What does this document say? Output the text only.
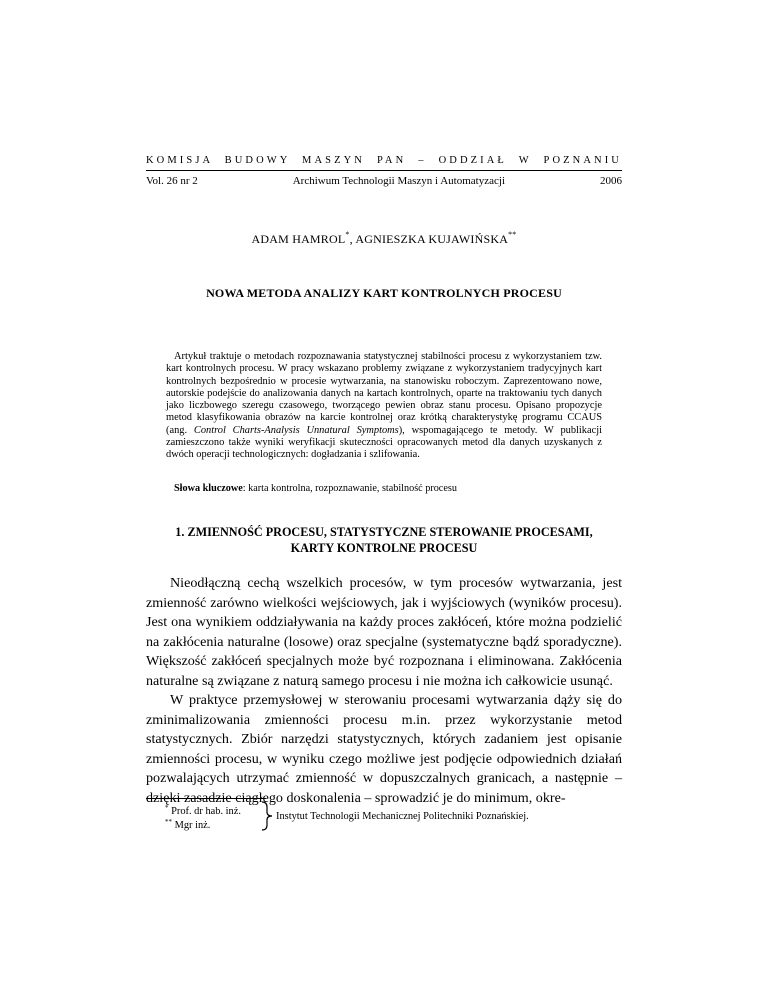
KOMISJA BUDOWY MASZYN PAN – ODDZIAŁ W POZNANIU
Vol. 26 nr 2	Archiwum Technologii Maszyn i Automatyzacji	2006
ADAM HAMROL*, AGNIESZKA KUJAWIŃSKA**
NOWA METODA ANALIZY KART KONTROLNYCH PROCESU

Artykuł traktuje o metodach rozpoznawania statystycznej stabilności procesu z wykorzystaniem tzw. kart kontrolnych procesu. W pracy wskazano problemy związane z wykorzystaniem tradycyjnych kart kontrolnych bezpośrednio w procesie wytwarzania, na stanowisku roboczym. Zaprezentowano nowe, autorskie podejście do analizowania danych na kartach kontrolnych, oparte na traktowaniu tych danych jako liczbowego szeregu czasowego, tworzącego pewien obraz stanu procesu. Opisano propozycje metod klasyfikowania obrazów na karcie kontrolnej oraz krótką charakterystykę programu CCAUS (ang. Control Charts-Analysis Unnatural Symptoms), wspomagającego te metody. W publikacji zamieszczono także wyniki weryfikacji skuteczności opracowanych metod dla danych uzyskanych z dwóch operacji technologicznych: dogładzania i szlifowania.

Słowa kluczowe: karta kontrolna, rozpoznawanie, stabilność procesu

1. ZMIENNOŚĆ PROCESU, STATYSTYCZNE STEROWANIE PROCESAMI,
KARTY KONTROLNE PROCESU

Nieodłączną cechą wszelkich procesów, w tym procesów wytwarzania, jest zmienność zarówno wielkości wejściowych, jak i wyjściowych (wyników procesu). Jest ona wynikiem oddziaływania na każdy proces zakłóceń, które można podzielić na zakłócenia naturalne (losowe) oraz specjalne (systematyczne bądź sporadyczne). Większość zakłóceń specjalnych może być rozpoznana i eliminowana. Zakłócenia naturalne są związane z naturą samego procesu i nie można ich całkowicie usunąć.

W praktyce przemysłowej w sterowaniu procesami wytwarzania dąży się do zminimalizowania zmienności procesu m.in. przez wykorzystanie metod statystycznych. Zbiór narzędzi statystycznych, których zadaniem jest opisanie zmienności procesu, w wyniku czego możliwe jest podjęcie odpowiednich działań pozwalających utrzymać zmienność w dopuszczalnych granicach, a następnie – dzięki zasadzie ciągłego doskonalenia – sprowadzić je do minimum, okre-

* Prof. dr hab. inż.
** Mgr inż.
Instytut Technologii Mechanicznej Politechniki Poznańskiej.
